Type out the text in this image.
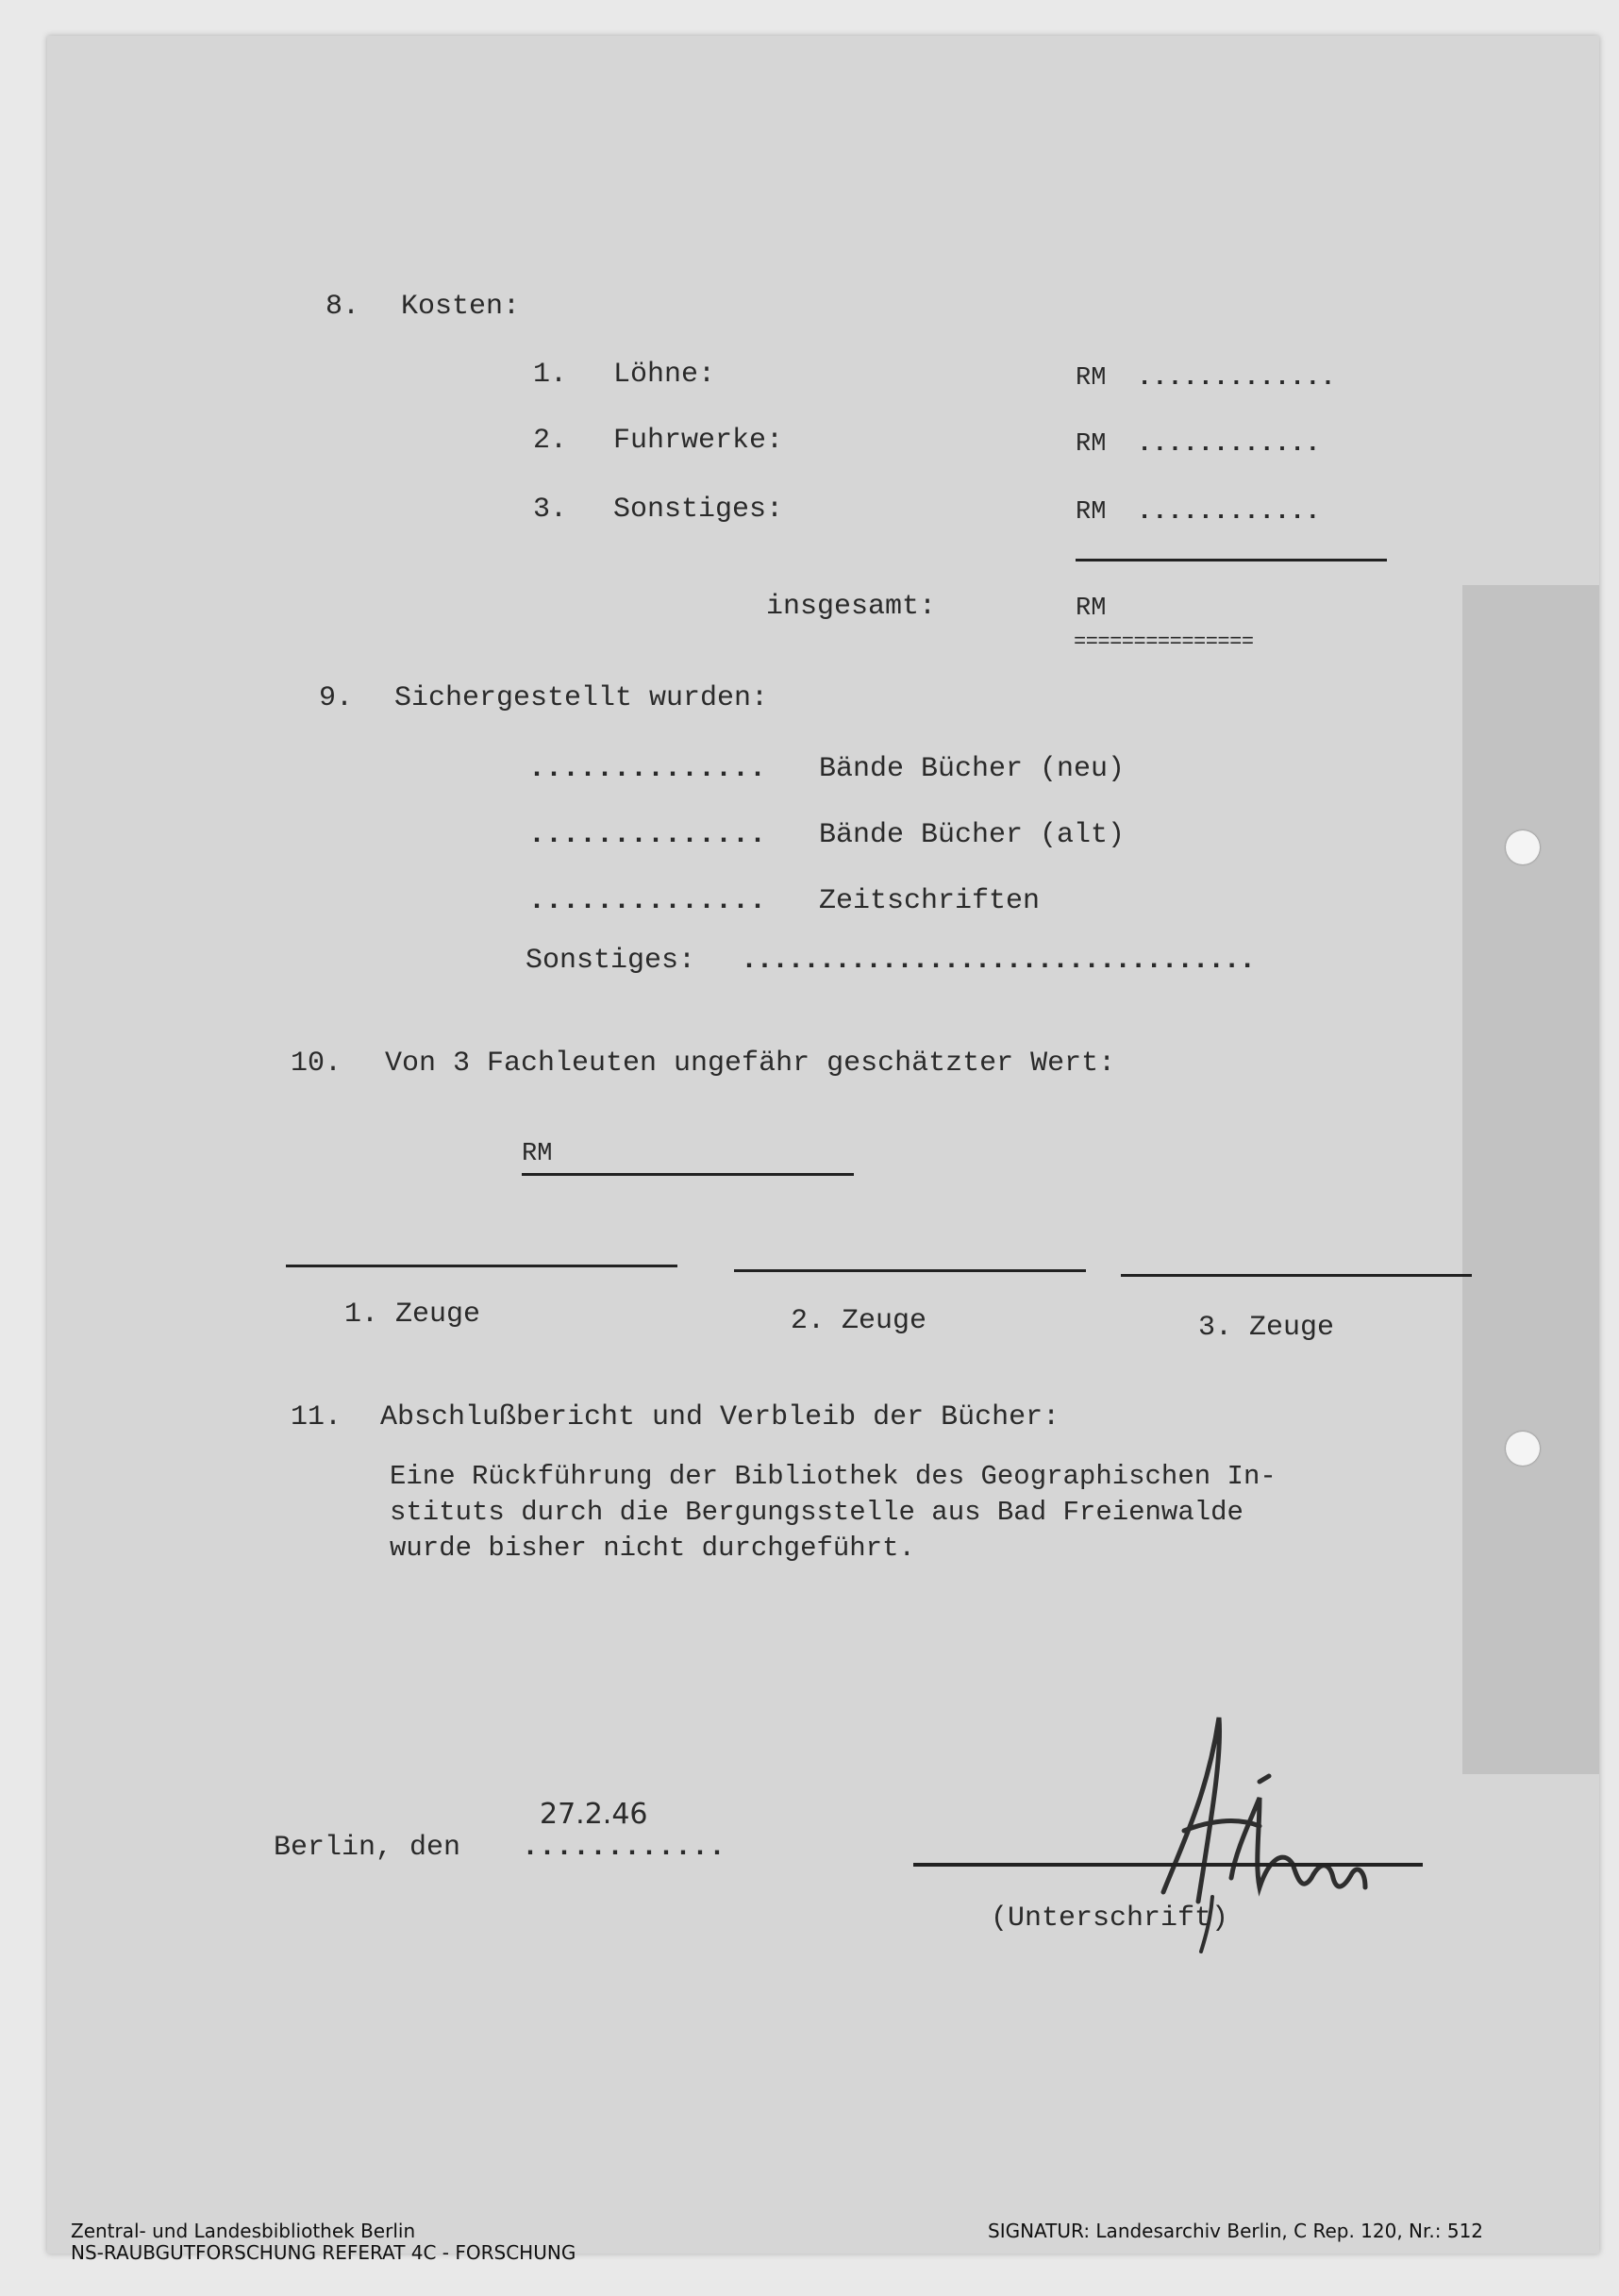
8. Kosten:
1. Löhne:	RM .............
2. Fuhrwerke:	RM ............
3. Sonstiges:	RM ............
insgesamt:	RM
===============
9. Sichergestellt wurden:
.............. Bände Bücher (neu)
.............. Bände Bücher (alt)
.............. Zeitschriften
Sonstiges: .................................
10. Von 3 Fachleuten ungefähr geschätzter Wert:
RM
1. Zeuge	2. Zeuge	3. Zeuge
11. Abschlußbericht und Verbleib der Bücher:
Eine Rückführung der Bibliothek des Geographischen In-
stituts durch die Bergungsstelle aus Bad Freienwalde
wurde bisher nicht durchgeführt.
27.2.46
Berlin, den ............
(Unterschrift)
Zentral- und Landesbibliothek Berlin
NS-RAUBGUTFORSCHUNG REFERAT 4C - FORSCHUNG
SIGNATUR: Landesarchiv Berlin, C Rep. 120, Nr.: 512
